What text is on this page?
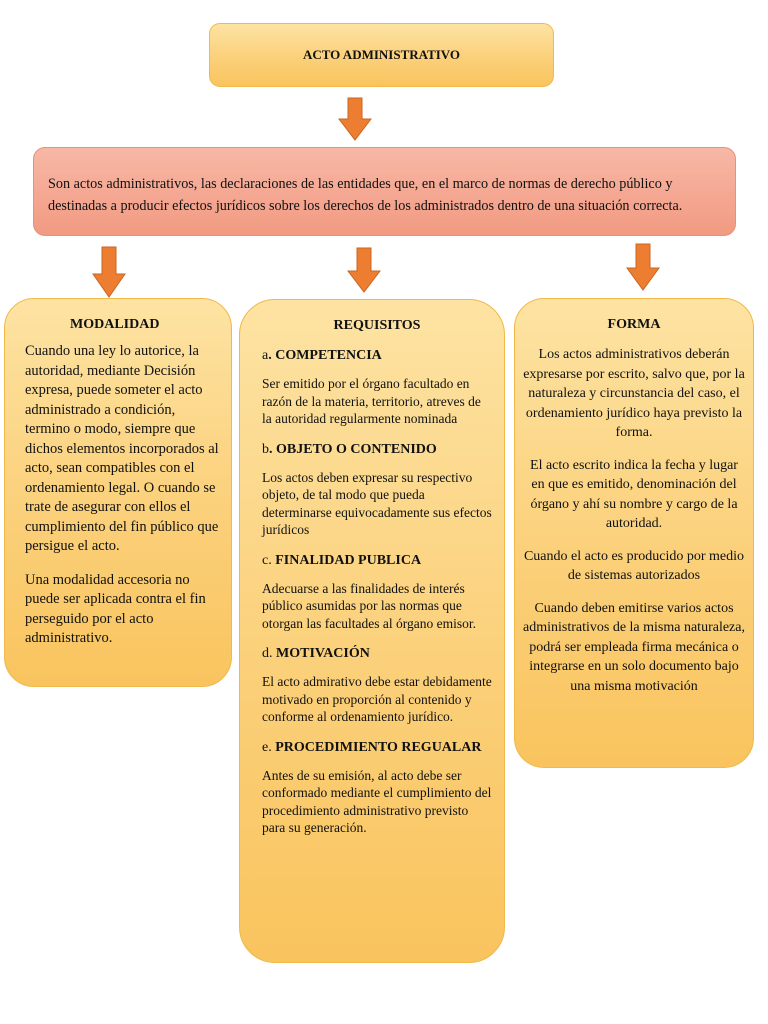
ACTO ADMINISTRATIVO
Son actos administrativos, las declaraciones de las entidades que, en el marco de normas de derecho público y destinadas a producir efectos jurídicos sobre los derechos de los administrados dentro de una situación correcta.
MODALIDAD

Cuando una ley lo autorice, la autoridad, mediante Decisión expresa, puede someter el acto administrado a condición, termino o modo, siempre que dichos elementos incorporados al acto, sean compatibles con el ordenamiento legal. O cuando se trate de asegurar con ellos el cumplimiento del fin público que persigue el acto.

Una modalidad accesoria no puede ser aplicada contra el fin perseguido por el acto administrativo.

REQUISITOS
a. COMPETENCIA

Ser emitido por el órgano facultado en razón de la materia, territorio, atreves de la autoridad regularmente nominada

b. OBJETO O CONTENIDO

Los actos deben expresar su respectivo objeto, de tal modo que pueda determinarse equivocadamente sus efectos jurídicos

c. FINALIDAD PUBLICA

Adecuarse a las finalidades de interés público asumidas por las normas que otorgan las facultades al órgano emisor.

d. MOTIVACIÓN

El acto admirativo debe estar debidamente motivado en proporción al contenido y conforme al ordenamiento jurídico.

e. PROCEDIMIENTO REGUALAR

Antes de su emisión, al acto debe ser conformado mediante el cumplimiento del procedimiento administrativo previsto para su generación.

FORMA

Los actos administrativos deberán expresarse por escrito, salvo que, por la naturaleza y circunstancia del caso, el ordenamiento jurídico haya previsto la forma.

El acto escrito indica la fecha y lugar en que es emitido, denominación del órgano y ahí su nombre y cargo de la autoridad.

Cuando el acto es producido por medio de sistemas autorizados

Cuando deben emitirse varios actos administrativos de la misma naturaleza, podrá ser empleada firma mecánica o integrarse en un solo documento bajo una misma motivación
